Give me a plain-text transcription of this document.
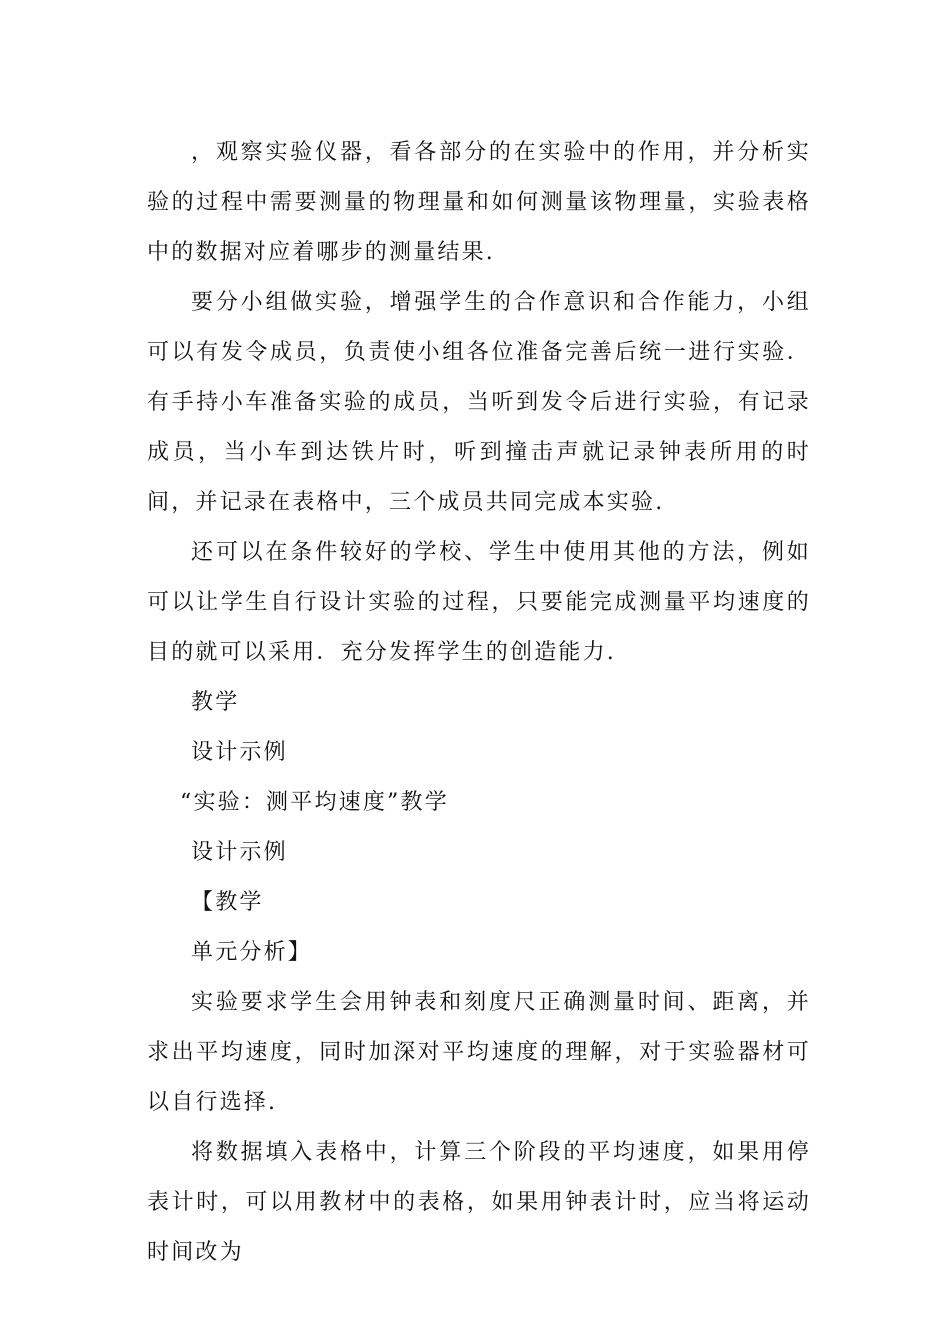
，观察实验仪器，看各部分的在实验中的作用，并分析实验的过程中需要测量的物理量和如何测量该物理量，实验表格中的数据对应着哪步的测量结果.

要分小组做实验，增强学生的合作意识和合作能力，小组可以有发令成员，负责使小组各位准备完善后统一进行实验．有手持小车准备实验的成员，当听到发令后进行实验，有记录成员，当小车到达铁片时，听到撞击声就记录钟表所用的时间，并记录在表格中，三个成员共同完成本实验.

还可以在条件较好的学校、学生中使用其他的方法，例如可以让学生自行设计实验的过程，只要能完成测量平均速度的目的就可以采用．充分发挥学生的创造能力.

教学

设计示例

“实验：测平均速度”教学

设计示例

【教学

单元分析】

实验要求学生会用钟表和刻度尺正确测量时间、距离，并求出平均速度，同时加深对平均速度的理解，对于实验器材可以自行选择.

将数据填入表格中，计算三个阶段的平均速度，如果用停表计时，可以用教材中的表格，如果用钟表计时，应当将运动时间改为
